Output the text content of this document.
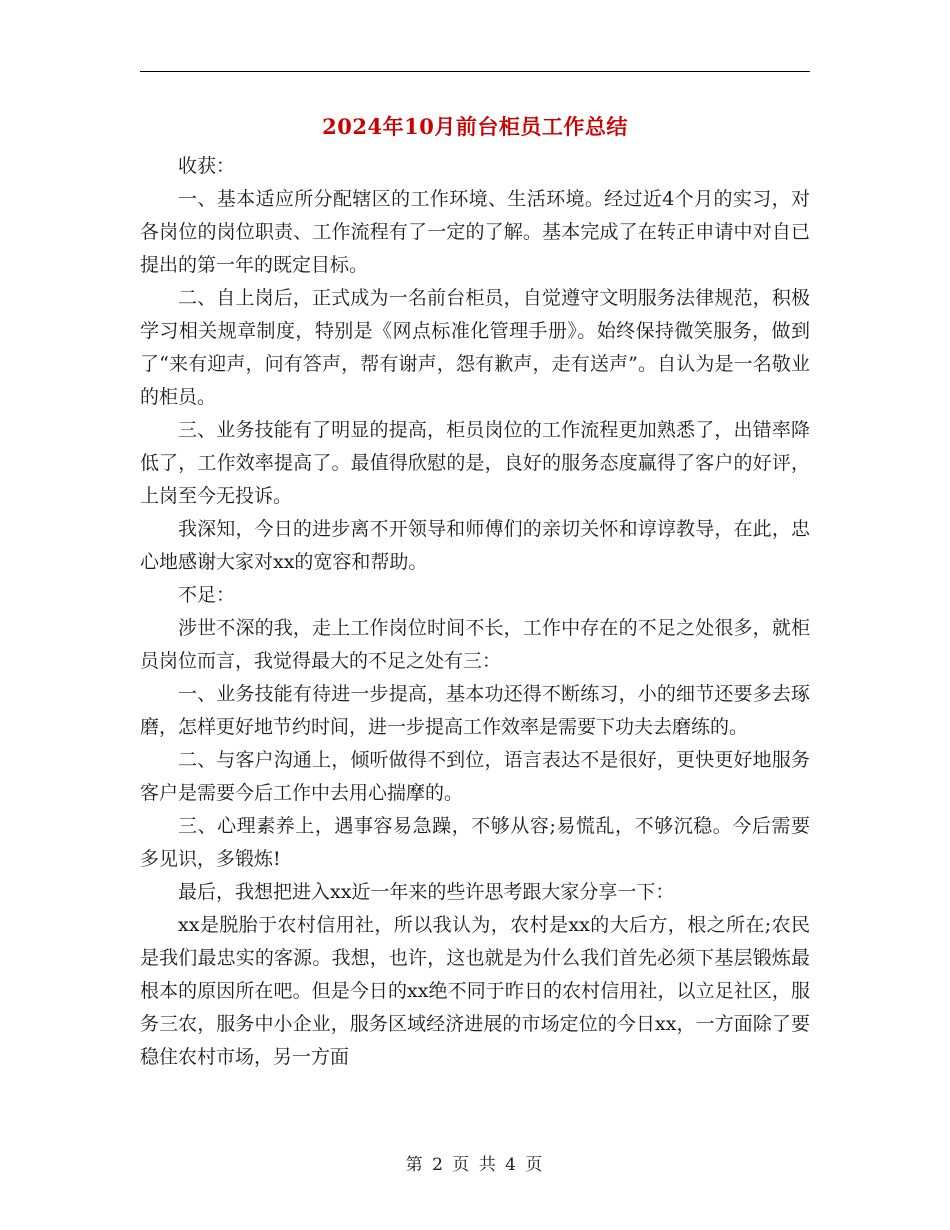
2024年10月前台柜员工作总结

收获：

一、基本适应所分配辖区的工作环境、生活环境。经过近4个月的实习，对各岗位的岗位职责、工作流程有了一定的了解。基本完成了在转正申请中对自已提出的第一年的既定目标。

二、自上岗后，正式成为一名前台柜员，自觉遵守文明服务法律规范，积极学习相关规章制度，特别是《网点标准化管理手册》。始终保持微笑服务，做到了“来有迎声，问有答声，帮有谢声，怨有歉声，走有送声”。自认为是一名敬业的柜员。

三、业务技能有了明显的提高，柜员岗位的工作流程更加熟悉了，出错率降低了，工作效率提高了。最值得欣慰的是，良好的服务态度赢得了客户的好评，上岗至今无投诉。

我深知，今日的进步离不开领导和师傅们的亲切关怀和谆谆教导，在此，忠心地感谢大家对xx的宽容和帮助。

不足：

涉世不深的我，走上工作岗位时间不长，工作中存在的不足之处很多，就柜员岗位而言，我觉得最大的不足之处有三：

一、业务技能有待进一步提高，基本功还得不断练习，小的细节还要多去琢磨，怎样更好地节约时间，进一步提高工作效率是需要下功夫去磨练的。

二、与客户沟通上，倾听做得不到位，语言表达不是很好，更快更好地服务客户是需要今后工作中去用心揣摩的。

三、心理素养上，遇事容易急躁，不够从容;易慌乱，不够沉稳。今后需要多见识，多锻炼!

最后，我想把进入xx近一年来的些许思考跟大家分享一下：

xx是脱胎于农村信用社，所以我认为，农村是xx的大后方，根之所在;农民是我们最忠实的客源。我想，也许，这也就是为什么我们首先必须下基层锻炼最根本的原因所在吧。但是今日的xx绝不同于昨日的农村信用社，以立足社区，服务三农，服务中小企业，服务区域经济进展的市场定位的今日xx，一方面除了要稳住农村市场，另一方面

第 2 页 共 4 页
